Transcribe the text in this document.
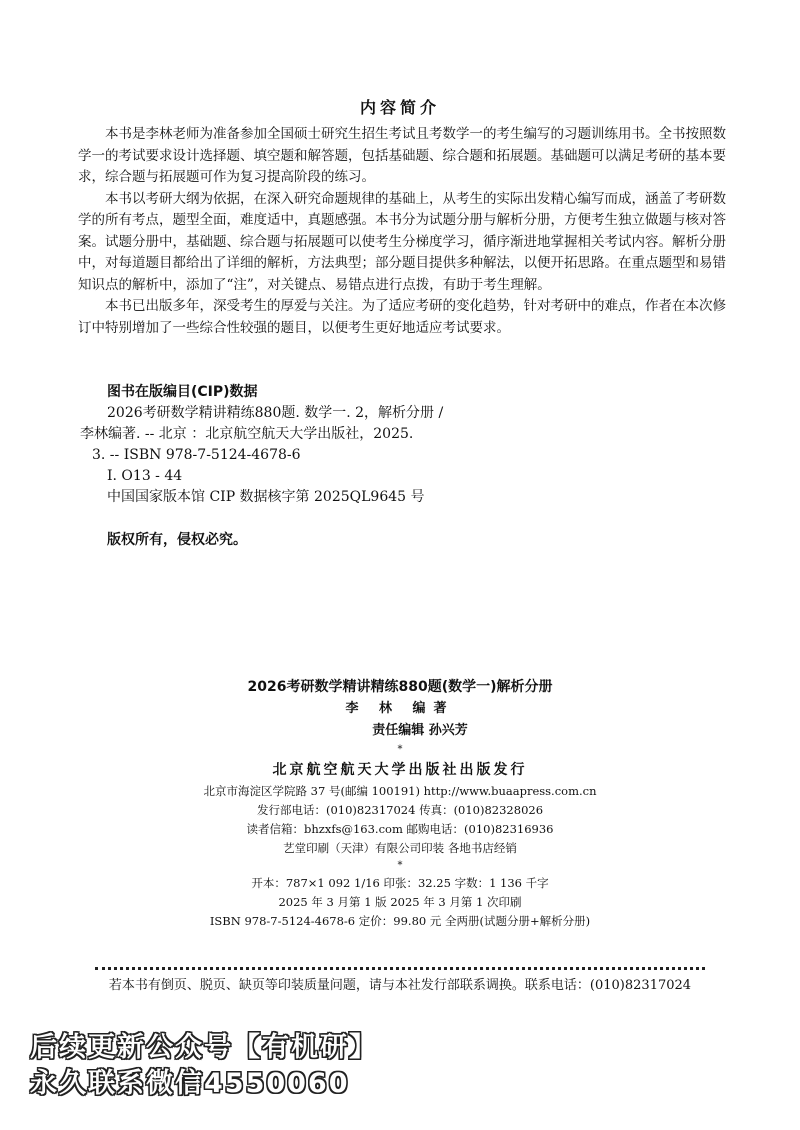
内容简介

本书是李林老师为准备参加全国硕士研究生招生考试且考数学一的考生编写的习题训练用书。全书按照数学一的考试要求设计选择题、填空题和解答题，包括基础题、综合题和拓展题。基础题可以满足考研的基本要求，综合题与拓展题可作为复习提高阶段的练习。

本书以考研大纲为依据，在深入研究命题规律的基础上，从考生的实际出发精心编写而成，涵盖了考研数学的所有考点，题型全面，难度适中，真题感强。本书分为试题分册与解析分册，方便考生独立做题与核对答案。试题分册中，基础题、综合题与拓展题可以使考生分梯度学习，循序渐进地掌握相关考试内容。解析分册中，对每道题目都给出了详细的解析，方法典型；部分题目提供多种解法，以便开拓思路。在重点题型和易错知识点的解析中，添加了“注”，对关键点、易错点进行点拨，有助于考生理解。

本书已出版多年，深受考生的厚爱与关注。为了适应考研的变化趋势，针对考研中的难点，作者在本次修订中特别增加了一些综合性较强的题目，以便考生更好地适应考试要求。

图书在版编目(CIP)数据
2026考研数学精讲精练880题. 数学一. 2，解析分册 /
李林编著. -- 北京 ：北京航空航天大学出版社，2025.
3. -- ISBN 978-7-5124-4678-6
Ⅰ. O13 - 44
中国国家版本馆 CIP 数据核字第 2025QL9645 号
版权所有，侵权必究。
2026考研数学精讲精练880题(数学一)解析分册
李 林 编著
责任编辑 孙兴芳
*
北京航空航天大学出版社出版发行
北京市海淀区学院路 37 号(邮编 100191) http://www.buaapress.com.cn
发行部电话：(010)82317024 传真：(010)82328026
读者信箱：bhzxfs@163.com 邮购电话：(010)82316936
艺堂印刷（天津）有限公司印装 各地书店经销
*
开本：787×1 092 1/16 印张：32.25 字数：1 136 千字
2025 年 3 月第 1 版 2025 年 3 月第 1 次印刷
ISBN 978-7-5124-4678-6 定价：99.80 元 全两册(试题分册+解析分册)
若本书有倒页、脱页、缺页等印装质量问题，请与本社发行部联系调换。联系电话：(010)82317024
后续更新公众号【有机研】
永久联系微信4550060
